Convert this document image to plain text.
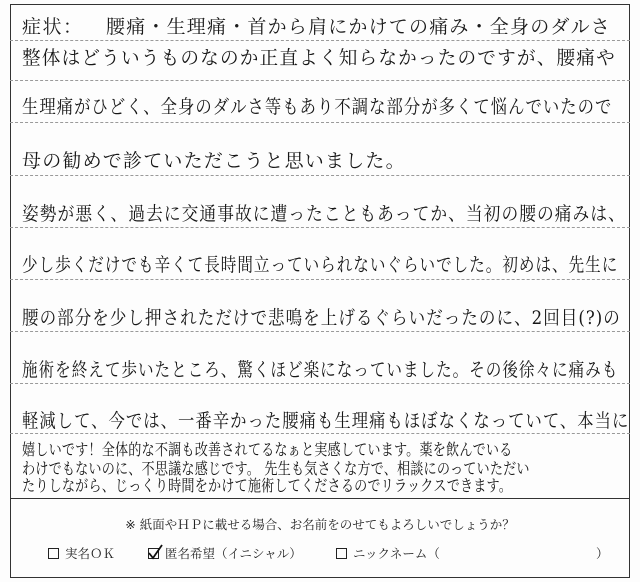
症状： 腰痛・生理痛・首から肩にかけての痛み・全身のダルさ
整体はどういうものなのか正直よく知らなかったのですが、腰痛や
生理痛がひどく、全身のダルさ等もあり不調な部分が多くて悩んでいたので
母の勧めで診ていただこうと思いました。
姿勢が悪く、過去に交通事故に遭ったこともあってか、当初の腰の痛みは、
少し歩くだけでも辛くて長時間立っていられないぐらいでした。初めは、先生に
腰の部分を少し押されただけで悲鳴を上げるぐらいだったのに、2回目(?)の
施術を終えて歩いたところ、驚くほど楽になっていました。その後徐々に痛みも
軽減して、今では、一番辛かった腰痛も生理痛もほぼなくなっていて、本当に
嬉しいです！全体的な不調も改善されてるなぁと実感しています。薬を飲んでいる
わけでもないのに、不思議な感じです。 先生も気さくな方で、相談にのっていただい
たりしながら、じっくり時間をかけて施術してくださるのでリラックスできます。
※ 紙面やＨＰに載せる場合、お名前をのせてもよろしいでしょうか？
実名ＯＫ	匿名希望（イニシャル）	ニックネーム（	）
